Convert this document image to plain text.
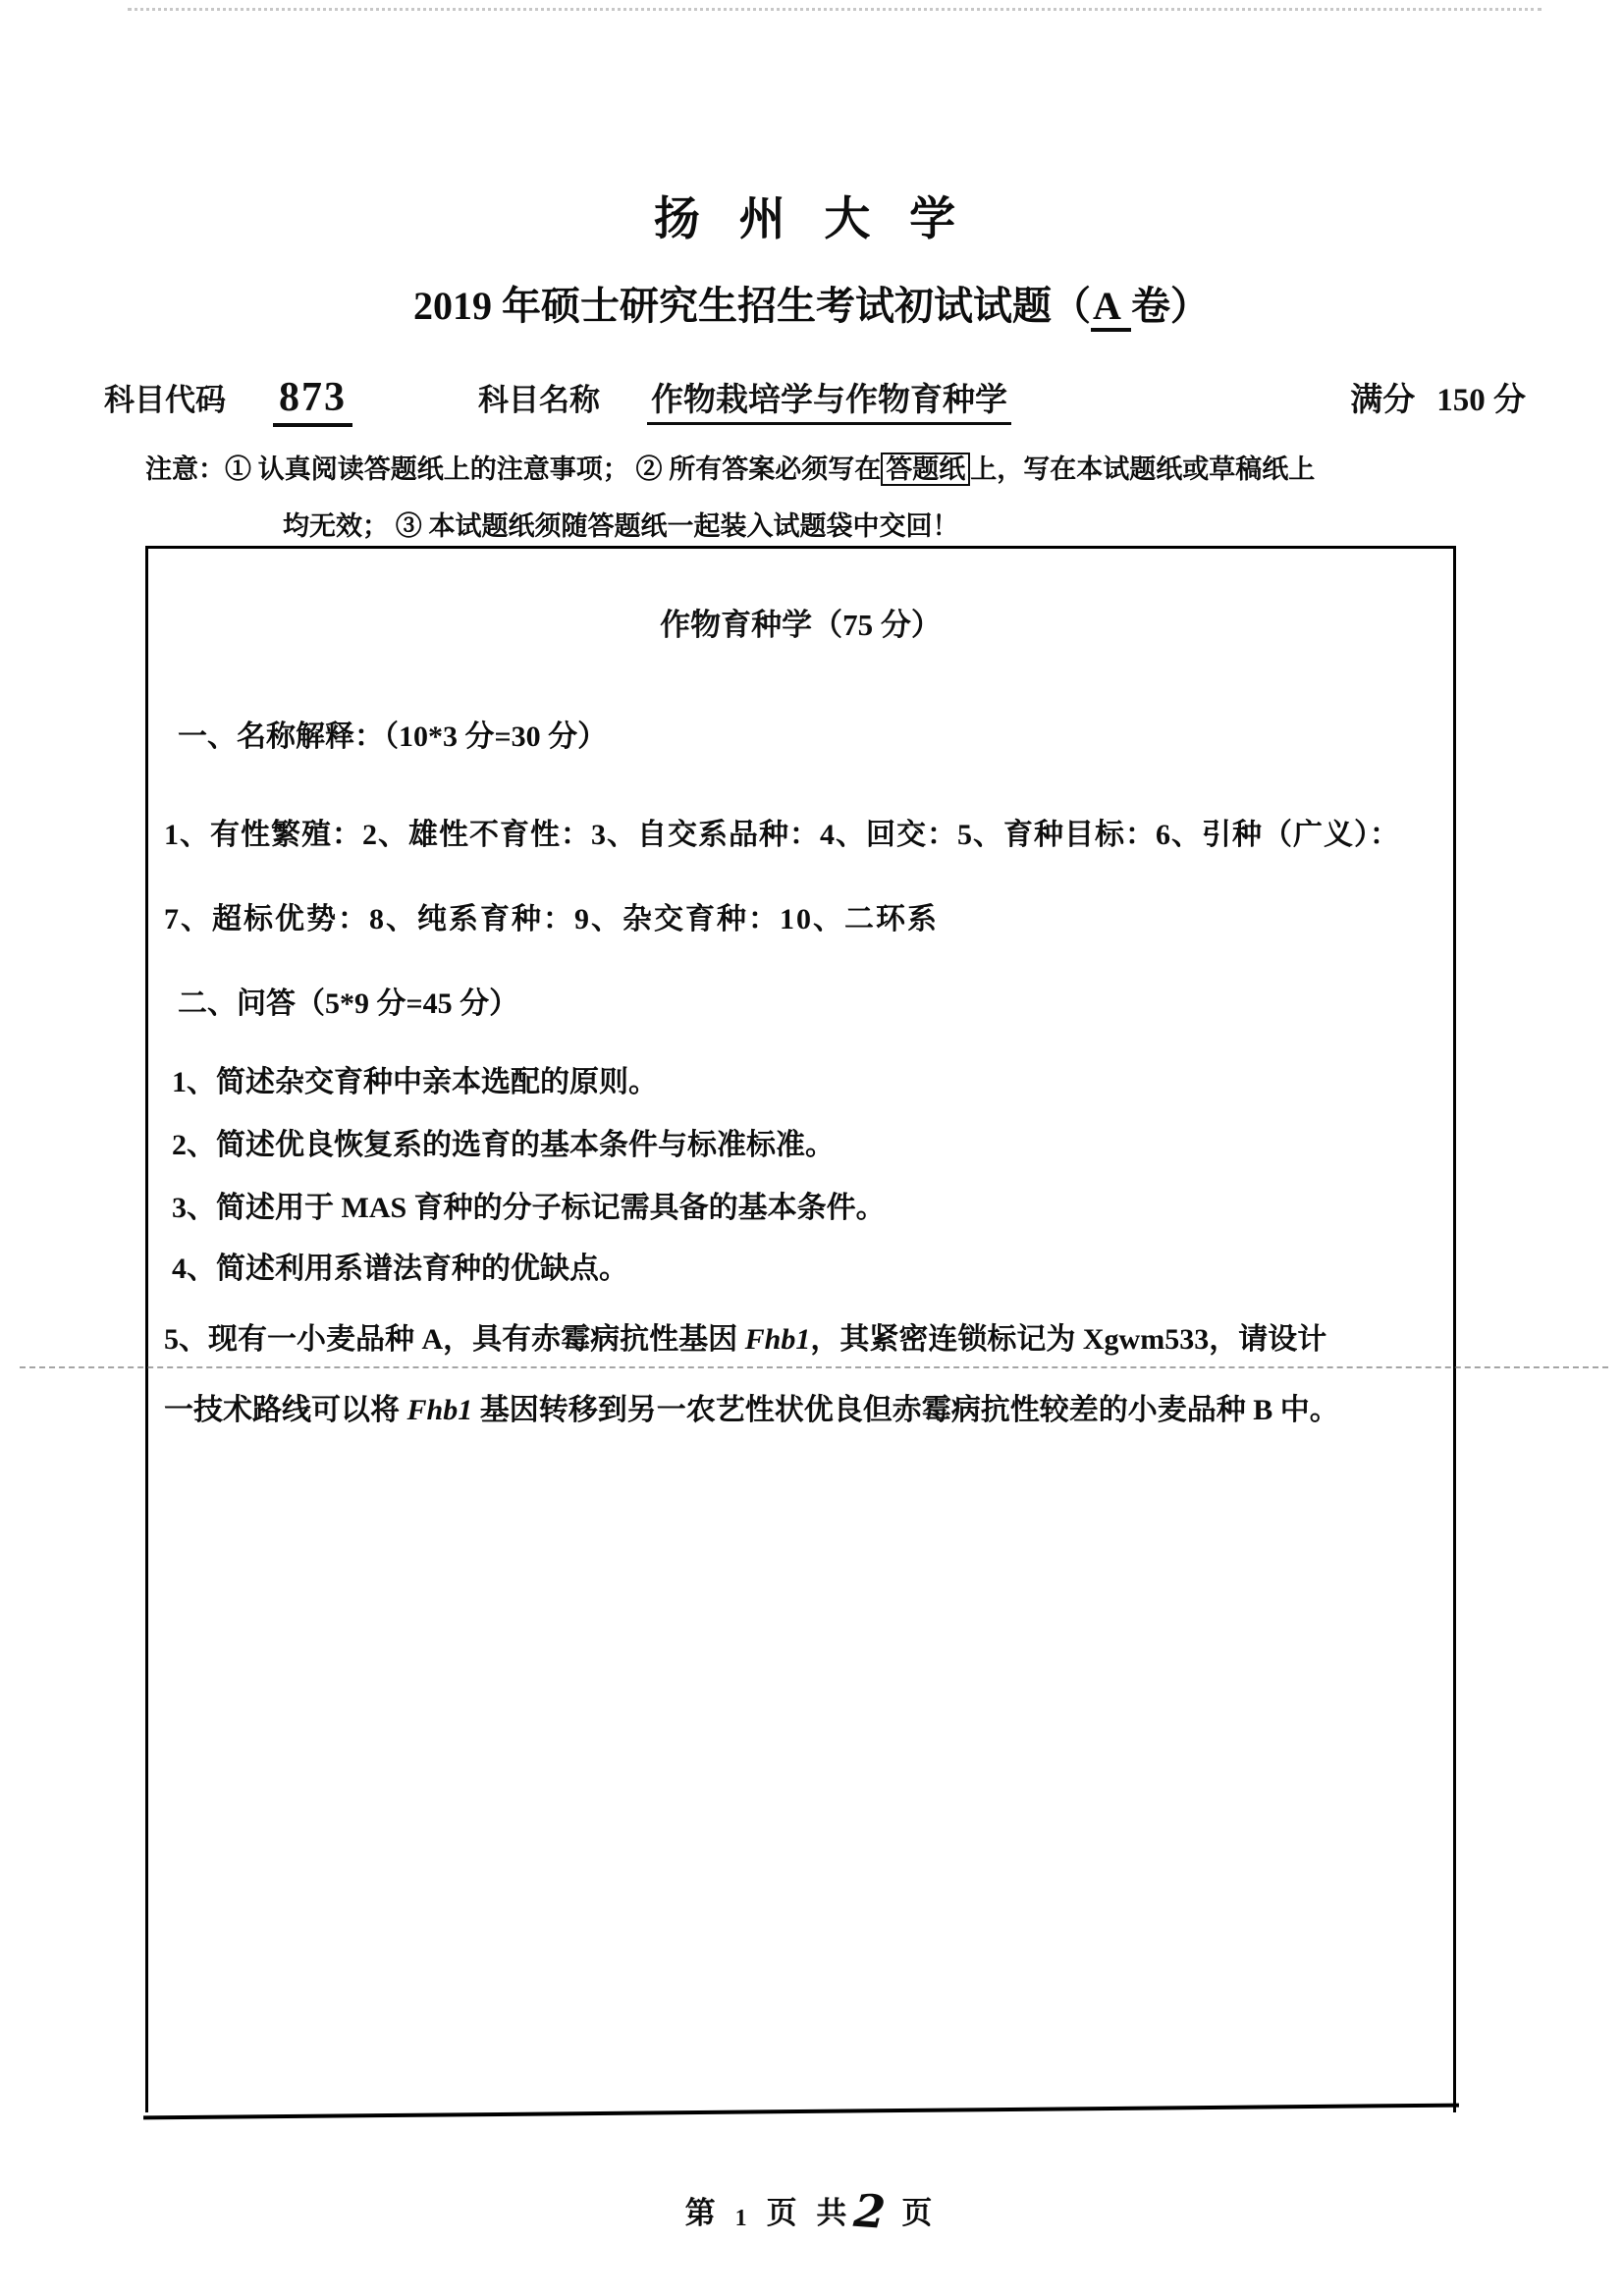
扬 州 大 学
2019 年硕士研究生招生考试初试试题（A 卷）
科目代码 873	科目名称 作物栽培学与作物育种学	满分 150 分
注意：① 认真阅读答题纸上的注意事项； ② 所有答案必须写在 答题纸 上，写在本试题纸或草稿纸上
均无效； ③ 本试题纸须随答题纸一起装入试题袋中交回！
作物育种学（75 分）
一、名称解释：（10*3 分=30 分）
1、有性繁殖：2、雄性不育性：3、自交系品种：4、回交：5、育种目标：6、引种（广义）：
7、超标优势：8、纯系育种：9、杂交育种：10、二环系
二、问答（5*9 分=45 分）
1、简述杂交育种中亲本选配的原则。
2、简述优良恢复系的选育的基本条件与标准标准。
3、简述用于 MAS 育种的分子标记需具备的基本条件。
4、简述利用系谱法育种的优缺点。
5、现有一小麦品种 A，具有赤霉病抗性基因 Fhb1，其紧密连锁标记为 Xgwm533，请设计
一技术路线可以将 Fhb1 基因转移到另一农艺性状优良但赤霉病抗性较差的小麦品种 B 中。
第 1 页 共2 页
